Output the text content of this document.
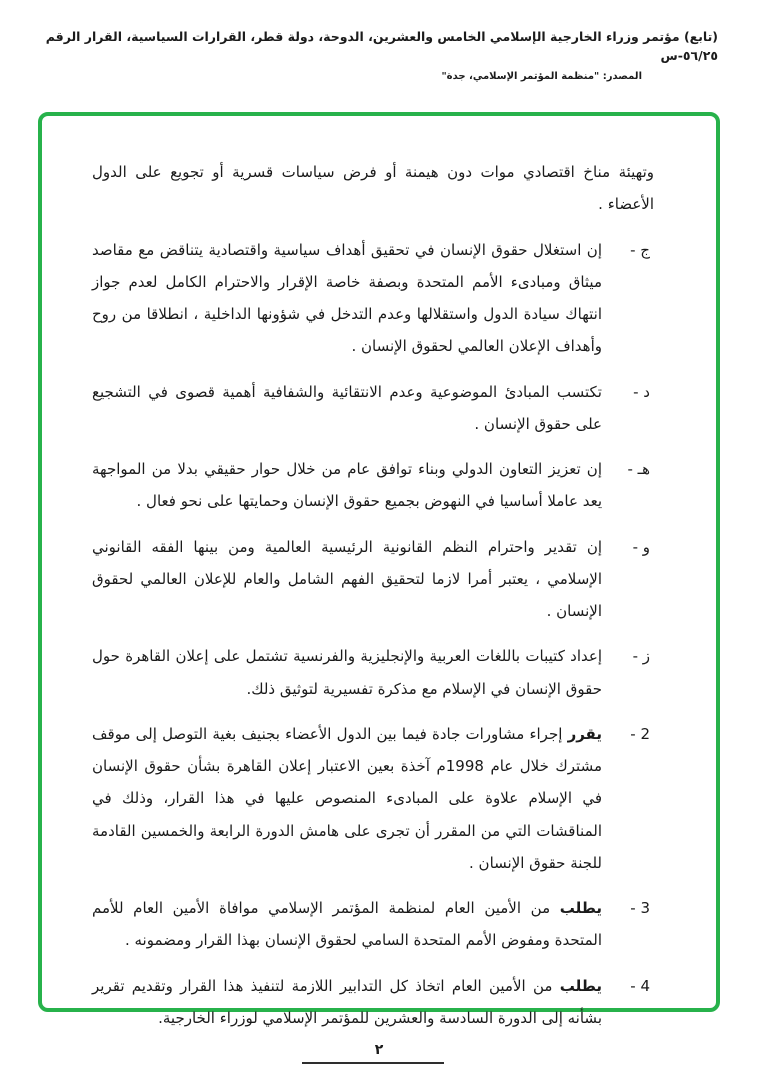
(تابع) مؤتمر وزراء الخارجية الإسلامي الخامس والعشرين، الدوحة، دولة قطر، القرارات السياسية، القرار الرقم ٥٦/٢٥-س
المصدر: "منظمة المؤتمر الإسلامي، جدة"

وتهيئة مناخ اقتصادي موات دون هيمنة أو فرض سياسات قسرية أو تجويع على الدول الأعضاء .

ج -
إن استغلال حقوق الإنسان في تحقيق أهداف سياسية واقتصادية يتناقض مع مقاصد ميثاق ومبادىء الأمم المتحدة وبصفة خاصة الإقرار والاحترام الكامل لعدم جواز انتهاك سيادة الدول واستقلالها وعدم التدخل في شؤونها الداخلية ، انطلاقا من روح وأهداف الإعلان العالمي لحقوق الإنسان .
د -
تكتسب المبادئ الموضوعية وعدم الانتقائية والشفافية أهمية قصوى في التشجيع على حقوق الإنسان .
هـ -
إن تعزيز التعاون الدولي وبناء توافق عام من خلال حوار حقيقي بدلا من المواجهة يعد عاملا أساسيا في النهوض بجميع حقوق الإنسان وحمايتها على نحو فعال .
و -
إن تقدير واحترام النظم القانونية الرئيسية العالمية ومن بينها الفقه القانوني الإسلامي ، يعتبر أمرا لازما لتحقيق الفهم الشامل والعام للإعلان العالمي لحقوق الإنسان .
ز -
إعداد كتيبات باللغات العربية والإنجليزية والفرنسية تشتمل على إعلان القاهرة حول حقوق الإنسان في الإسلام مع مذكرة تفسيرية لتوثيق ذلك.
2 -
يقرر إجراء مشاورات جادة فيما بين الدول الأعضاء بجنيف بغية التوصل إلى موقف مشترك خلال عام 1998م آخذة بعين الاعتبار إعلان القاهرة بشأن حقوق الإنسان في الإسلام علاوة على المبادىء المنصوص عليها في هذا القرار، وذلك في المناقشات التي من المقرر أن تجرى على هامش الدورة الرابعة والخمسين القادمة للجنة حقوق الإنسان .
3 -
يطلب من الأمين العام لمنظمة المؤتمر الإسلامي موافاة الأمين العام للأمم المتحدة ومفوض الأمم المتحدة السامي لحقوق الإنسان بهذا القرار ومضمونه .
4 -
يطلب من الأمين العام اتخاذ كل التدابير اللازمة لتنفيذ هذا القرار وتقديم تقرير بشأنه إلى الدورة السادسة والعشرين للمؤتمر الإسلامي لوزراء الخارجية.
٢
